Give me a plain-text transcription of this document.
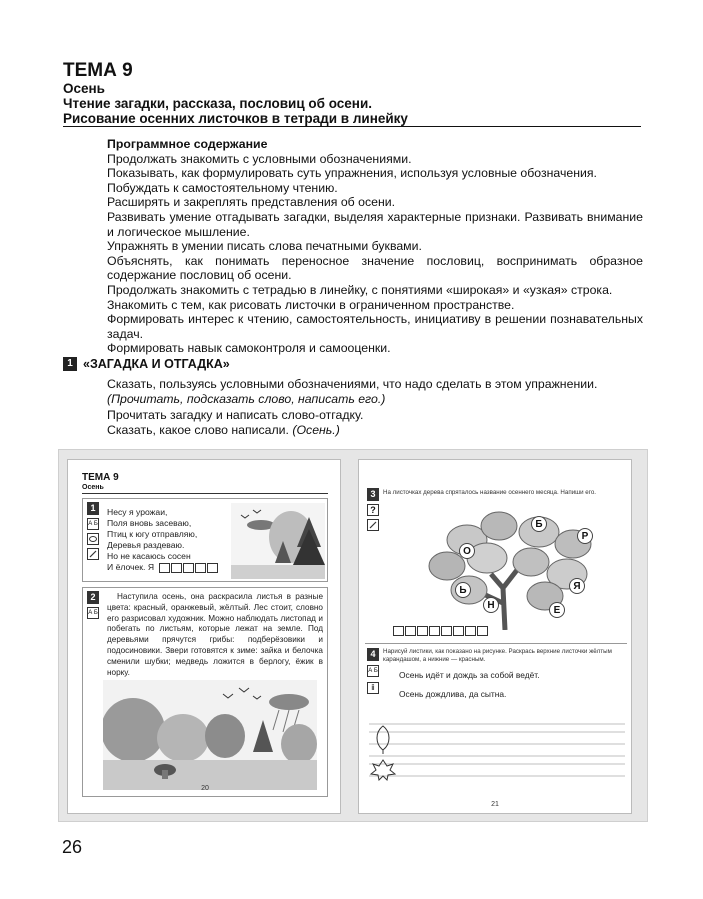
ТЕМА 9
Осень
Чтение загадки, рассказа, пословиц об осени.
Рисование осенних листочков в тетради в линейку
Программное содержание

Продолжать знакомить с условными обозначениями.

Показывать, как формулировать суть упражнения, используя условные обозначения.

Побуждать к самостоятельному чтению.

Расширять и закреплять представления об осени.

Развивать умение отгадывать загадки, выделяя характерные признаки. Развивать внимание и логическое мышление.

Упражнять в умении писать слова печатными буквами.

Объяснять, как понимать переносное значение пословиц, воспринимать образное содержание пословиц об осени.

Продолжать знакомить с тетрадью в линейку, с понятиями «широкая» и «узкая» строка.

Знакомить с тем, как рисовать листочки в ограниченном пространстве.

Формировать интерес к чтению, самостоятельность, инициативу в решении познавательных задач.

Формировать навык самоконтроля и самооценки.

1 «ЗАГАДКА И ОТГАДКА»
Сказать, пользуясь условными обозначениями, что надо сделать в этом упражнении. (Прочитать, подсказать слово, написать его.)
Прочитать загадку и написать слово-отгадку.
Сказать, какое слово написали. (Осень.)
ТЕМА 9
Осень
1
А Б
Несу я урожаи,
Поля вновь засеваю,
Птиц к югу отправляю,
Деревья раздеваю.
Но не касаюсь сосен
И ёлочек. Я
2
А Б
Наступила осень, она раскрасила листья в разные цвета: красный, оранжевый, жёлтый. Лес стоит, словно его разрисовал художник. Можно наблюдать листопад и побегать по листьям, которые лежат на земле. Под деревьями прячутся грибы: подберёзовики и подосиновики. Звери готовятся к зиме: зайка и белочка сменили шубки; медведь ложится в берлогу, ёжик в норку.
20
3
?
На листочках дерева спряталось название осеннего месяца. Напиши его.
О
Б
Р
Ь	Я
Н	Е
4
А Б
ⅱ
Нарисуй листики, как показано на рисунке. Раскрась верхние листочки жёлтым карандашом, а нижние — красным.
Осень идёт и дождь за собой ведёт.
Осень дождлива, да сытна.
21
26
